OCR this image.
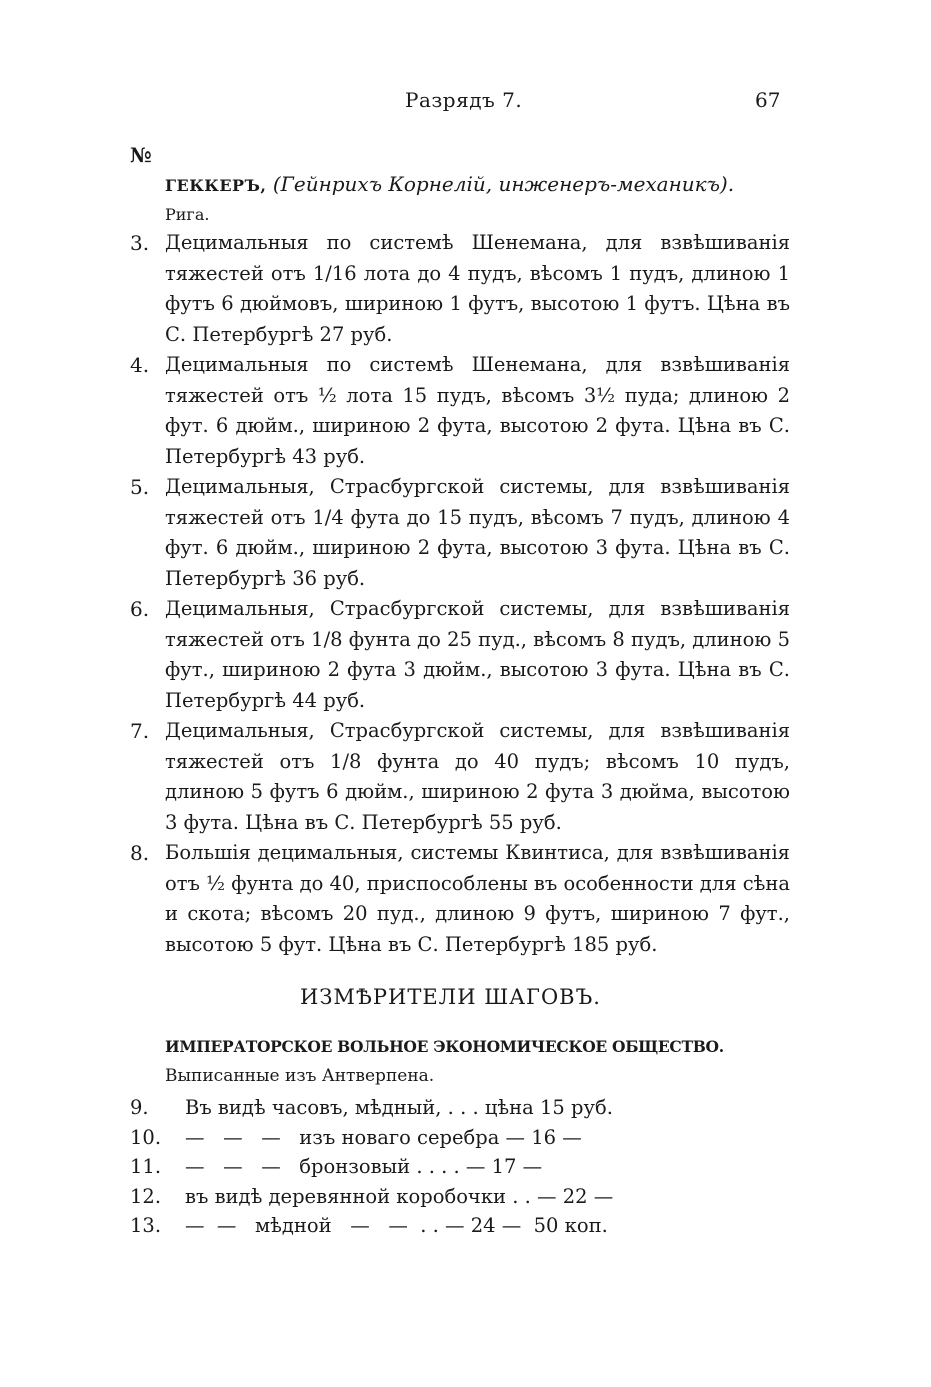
Разрядъ 7.	67
№
ГЕККЕРЪ, (Гейнрихъ Корнелій, инженеръ-механикъ).
Рига.
3. Децимальныя по системѣ Шенемана, для взвѣшиванія тяжестей отъ 1/16 лота до 4 пудъ, вѣсомъ 1 пудъ, длиною 1 футъ 6 дюймовъ, шириною 1 футъ, высотою 1 футъ. Цѣна въ С. Петербургѣ 27 руб.
4. Децимальныя по системѣ Шенемана, для взвѣшиванія тяжестей отъ ½ лота 15 пудъ, вѣсомъ 3½ пуда; длиною 2 фут. 6 дюйм., шириною 2 фута, высотою 2 фута. Цѣна въ С. Петербургѣ 43 руб.
5. Децимальныя, Страсбургской системы, для взвѣшиванія тяжестей отъ 1/4 фута до 15 пудъ, вѣсомъ 7 пудъ, длиною 4 фут. 6 дюйм., шириною 2 фута, высотою 3 фута. Цѣна въ С. Петербургѣ 36 руб.
6. Децимальныя, Страсбургской системы, для взвѣшиванія тяжестей отъ 1/8 фунта до 25 пуд., вѣсомъ 8 пудъ, длиною 5 фут., шириною 2 фута 3 дюйм., высотою 3 фута. Цѣна въ С. Петербургѣ 44 руб.
7. Децимальныя, Страсбургской системы, для взвѣшиванія тяжестей отъ 1/8 фунта до 40 пудъ; вѣсомъ 10 пудъ, длиною 5 футъ 6 дюйм., шириною 2 фута 3 дюйма, высотою 3 фута. Цѣна въ С. Петербургѣ 55 руб.
8. Большія децимальныя, системы Квинтиса, для взвѣшиванія отъ ½ фунта до 40, приспособлены въ особенности для сѣна и скота; вѣсомъ 20 пуд., длиною 9 футъ, шириною 7 фут., высотою 5 фут. Цѣна въ С. Петербургѣ 185 руб.
ИЗМѢРИТЕЛИ ШАГОВЪ.
ИМПЕРАТОРСКОЕ ВОЛЬНОЕ ЭКОНОМИЧЕСКОЕ ОБЩЕСТВО.
Выписанные изъ Антверпена.
9. Въ видѣ часовъ, мѣдный, . . . цѣна 15 руб.
10. —   —   —   изъ новаго серебра — 16 —
11. —   —   —   бронзовый . . . . — 17 —
12. въ видѣ деревянной коробочки . . — 22 —
13. —  —   мѣдной   —   —  . . — 24 —  50 коп.
